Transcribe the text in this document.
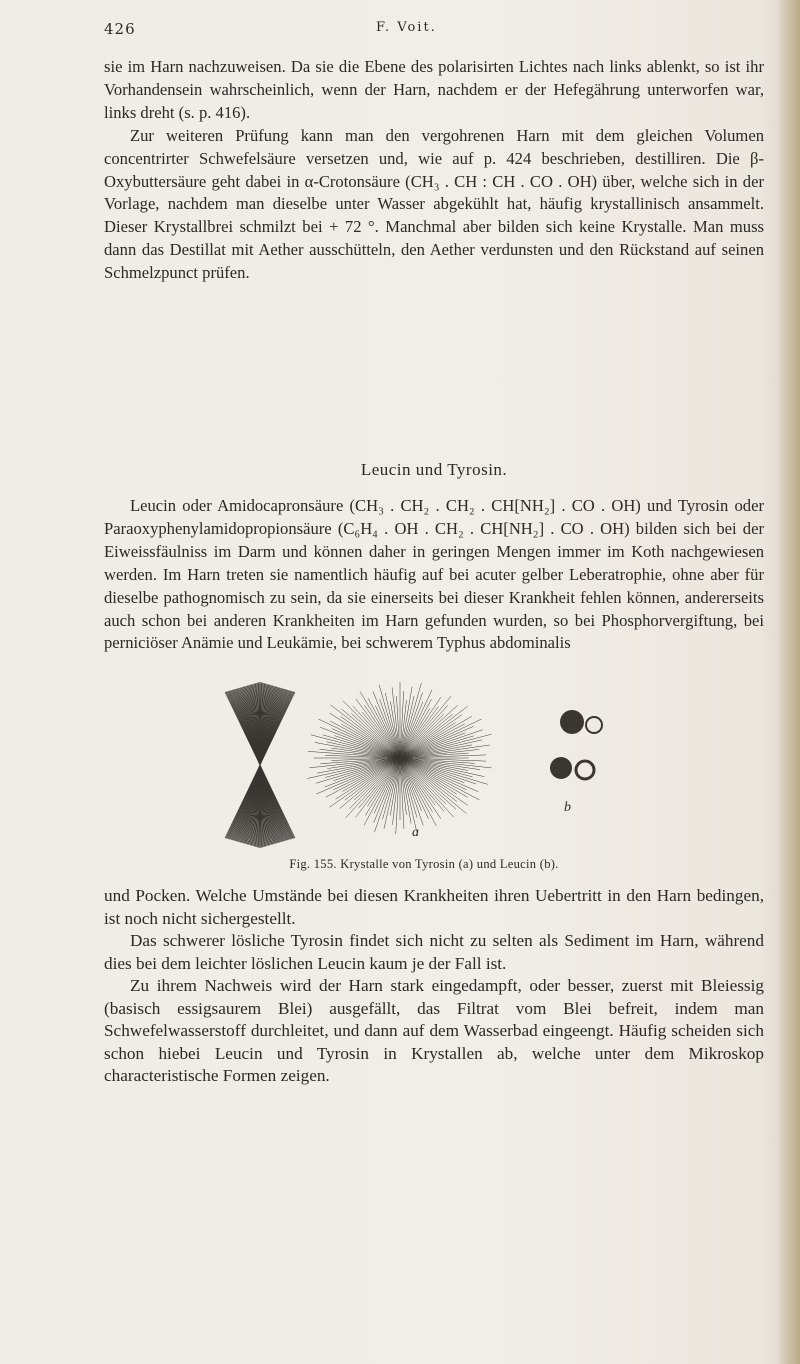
426	F. Voit.

sie im Harn nachzuweisen. Da sie die Ebene des polarisirten Lichtes nach links ablenkt, so ist ihr Vorhandensein wahrscheinlich, wenn der Harn, nachdem er der Hefegährung unterworfen war, links dreht (s. p. 416).

Zur weiteren Prüfung kann man den vergohrenen Harn mit dem gleichen Volumen concentrirter Schwefelsäure versetzen und, wie auf p. 424 beschrieben, destilliren. Die β-Oxybuttersäure geht dabei in α-Crotonsäure (CH₃ . CH : CH . CO . OH) über, welche sich in der Vorlage, nachdem man dieselbe unter Wasser abgekühlt hat, häufig krystallinisch ansammelt. Dieser Krystallbrei schmilzt bei + 72 °. Manchmal aber bilden sich keine Krystalle. Man muss dann das Destillat mit Aether ausschütteln, den Aether verdunsten und den Rückstand auf seinen Schmelzpunct prüfen.

Leucin und Tyrosin.

Leucin oder Amidocapronsäure (CH₃ . CH₂ . CH₂ . CH[NH₂] . CO . OH) und Tyrosin oder Paraoxyphenylamidopropionsäure (C₆H₄ . OH . CH₂ . CH[NH₂] . CO . OH) bilden sich bei der Eiweissfäulniss im Darm und können daher in geringen Mengen immer im Koth nachgewiesen werden. Im Harn treten sie namentlich häufig auf bei acuter gelber Leberatrophie, ohne aber für dieselbe pathognomisch zu sein, da sie einerseits bei dieser Krankheit fehlen können, andererseits auch schon bei anderen Krankheiten im Harn gefunden wurden, so bei Phosphorvergiftung, bei perniciöser Anämie und Leukämie, bei schwerem Typhus abdominalis

a
b
Fig. 155. Krystalle von Tyrosin (a) und Leucin (b).

und Pocken. Welche Umstände bei diesen Krankheiten ihren Uebertritt in den Harn bedingen, ist noch nicht sichergestellt.

Das schwerer lösliche Tyrosin findet sich nicht zu selten als Sediment im Harn, während dies bei dem leichter löslichen Leucin kaum je der Fall ist.

Zu ihrem Nachweis wird der Harn stark eingedampft, oder besser, zuerst mit Bleiessig (basisch essigsaurem Blei) ausgefällt, das Filtrat vom Blei befreit, indem man Schwefelwasserstoff durchleitet, und dann auf dem Wasserbad eingeengt. Häufig scheiden sich schon hiebei Leucin und Tyrosin in Krystallen ab, welche unter dem Mikroskop characteristische Formen zeigen.
